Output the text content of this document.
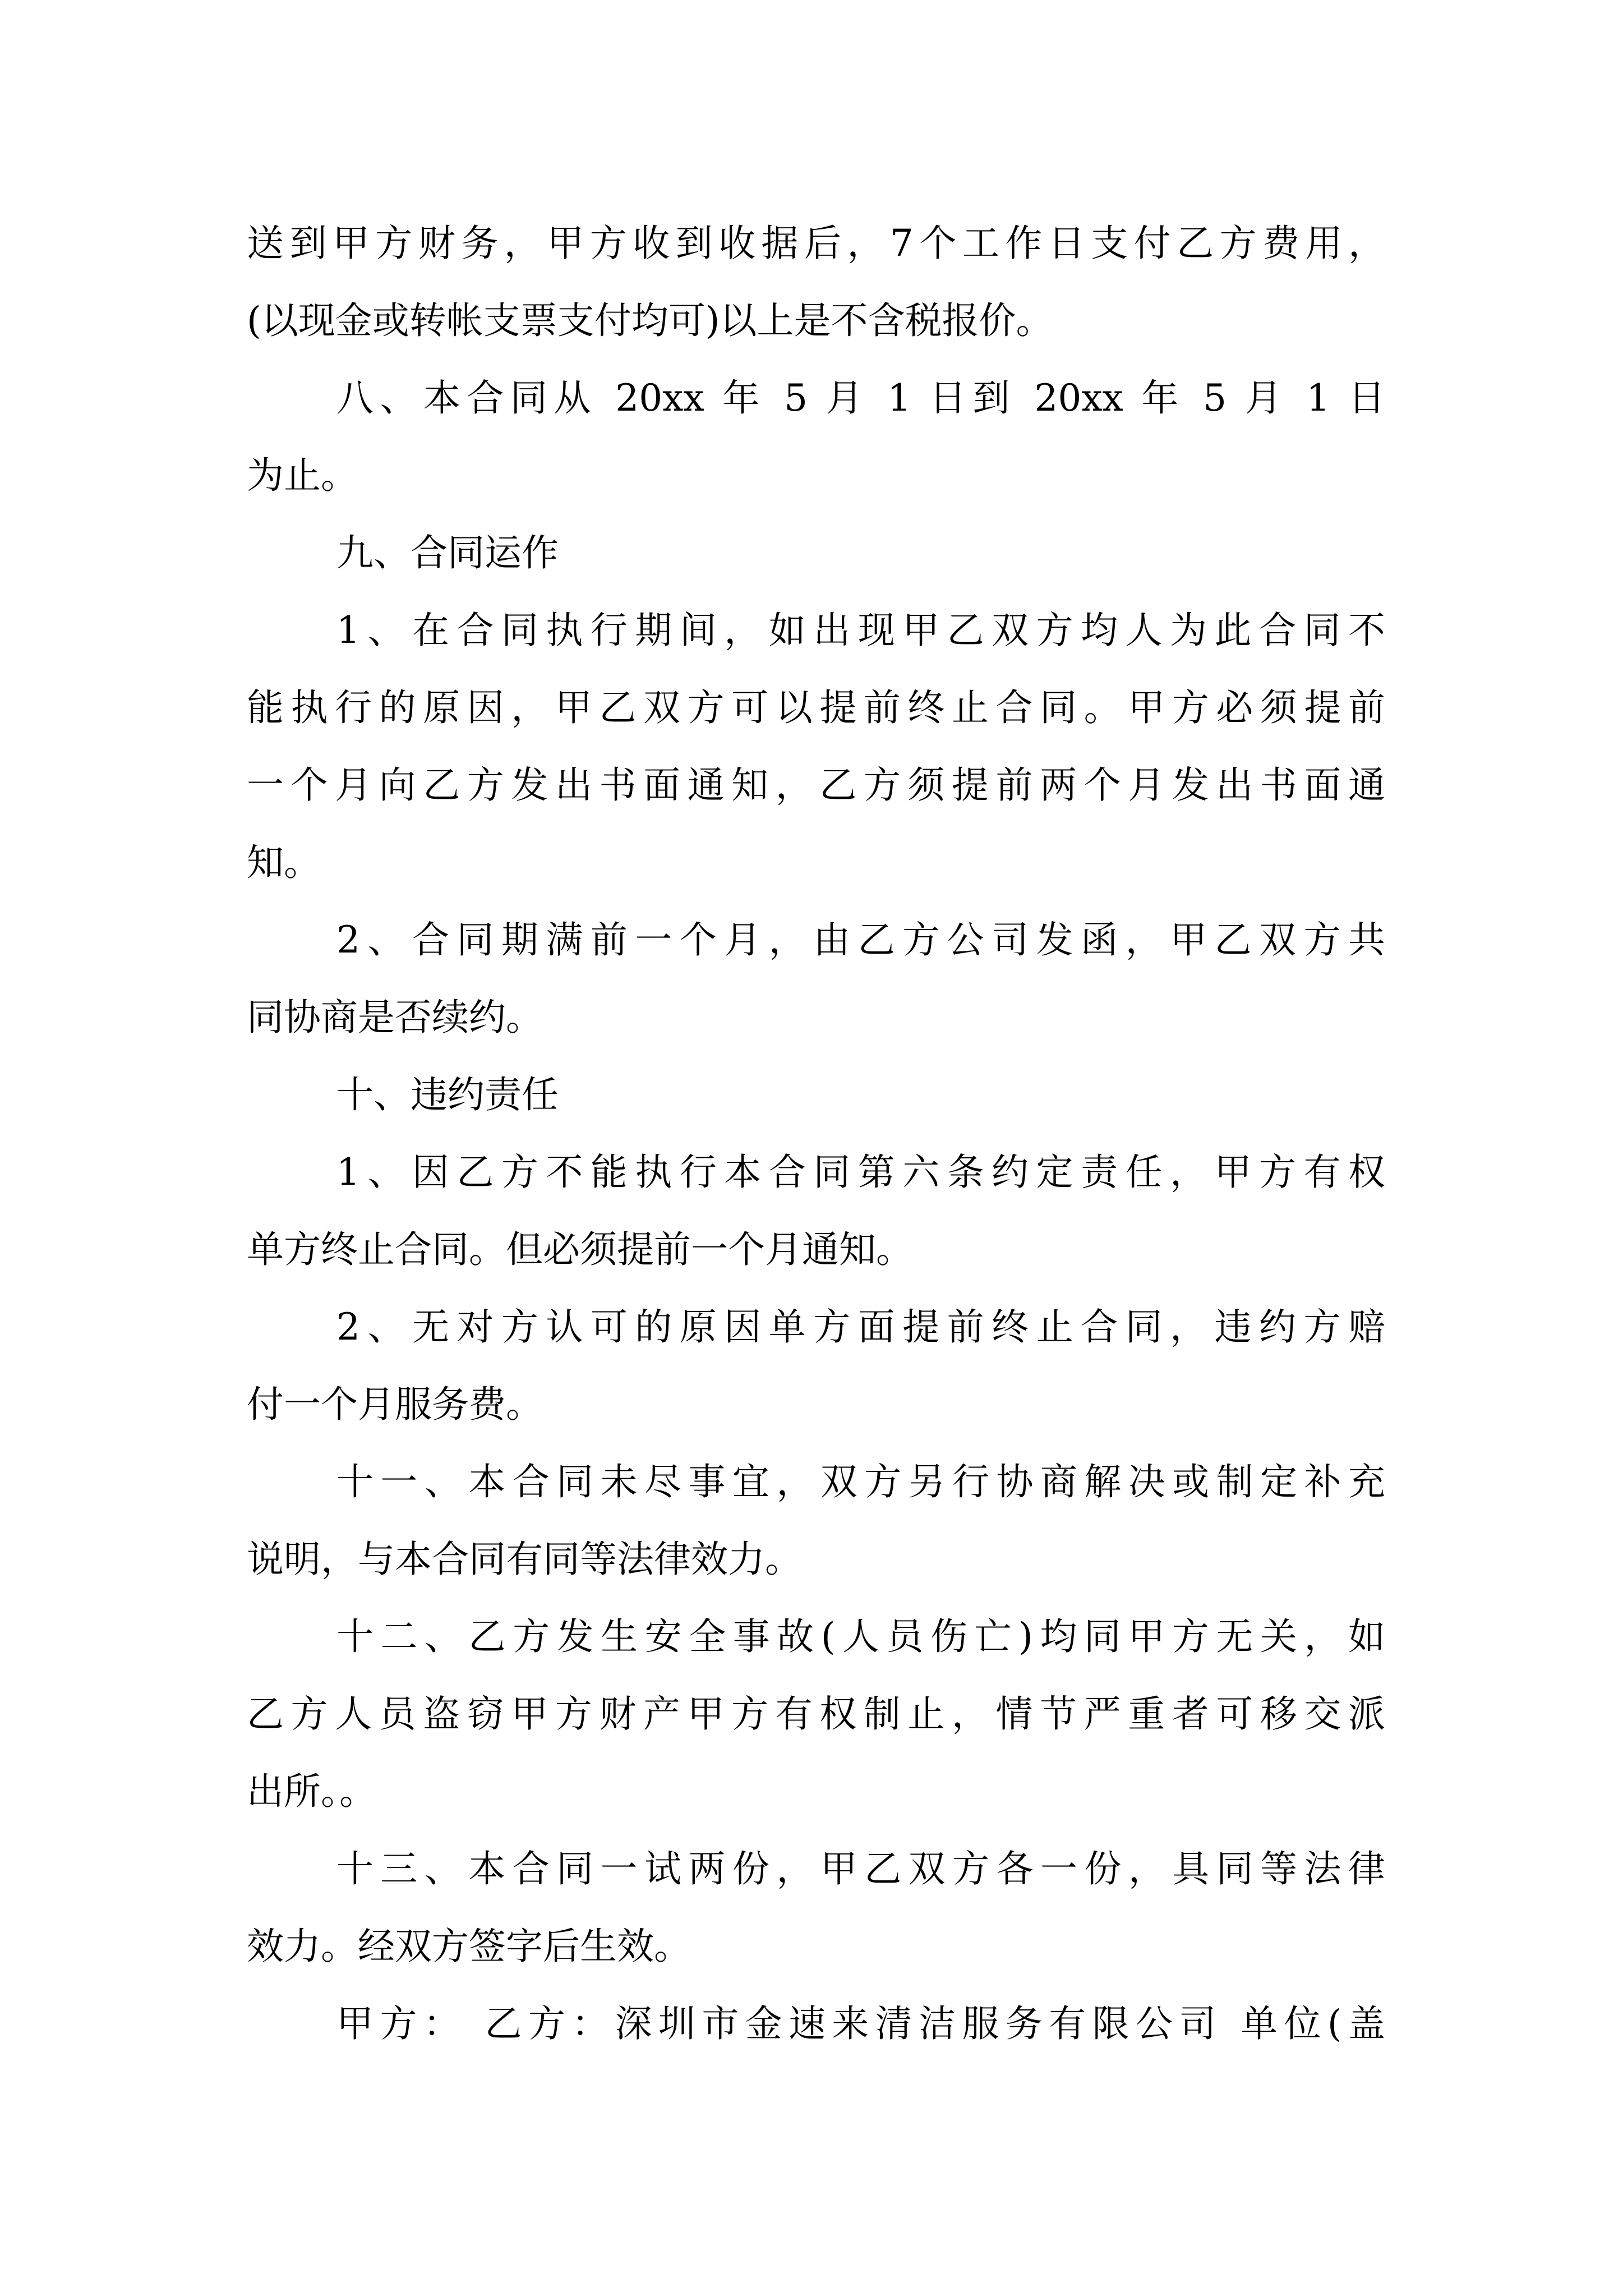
送到甲方财务，甲方收到收据后，7个工作日支付乙方费用，
(以现金或转帐支票支付均可)以上是不含税报价。
八、本合同从 20xx 年 5 月 1 日到 20xx 年 5 月 1 日
为止。
九、合同运作
1、在合同执行期间，如出现甲乙双方均人为此合同不
能执行的原因，甲乙双方可以提前终止合同。甲方必须提前
一个月向乙方发出书面通知，乙方须提前两个月发出书面通
知。
2、合同期满前一个月，由乙方公司发函，甲乙双方共
同协商是否续约。
十、违约责任
1、因乙方不能执行本合同第六条约定责任，甲方有权
单方终止合同。但必须提前一个月通知。
2、无对方认可的原因单方面提前终止合同，违约方赔
付一个月服务费。
十一、本合同未尽事宜，双方另行协商解决或制定补充
说明，与本合同有同等法律效力。
十二、乙方发生安全事故(人员伤亡)均同甲方无关，如
乙方人员盗窃甲方财产甲方有权制止，情节严重者可移交派
出所。。
十三、本合同一试两份，甲乙双方各一份，具同等法律
效力。经双方签字后生效。
甲方： 乙方：深圳市金速来清洁服务有限公司 单位(盖
